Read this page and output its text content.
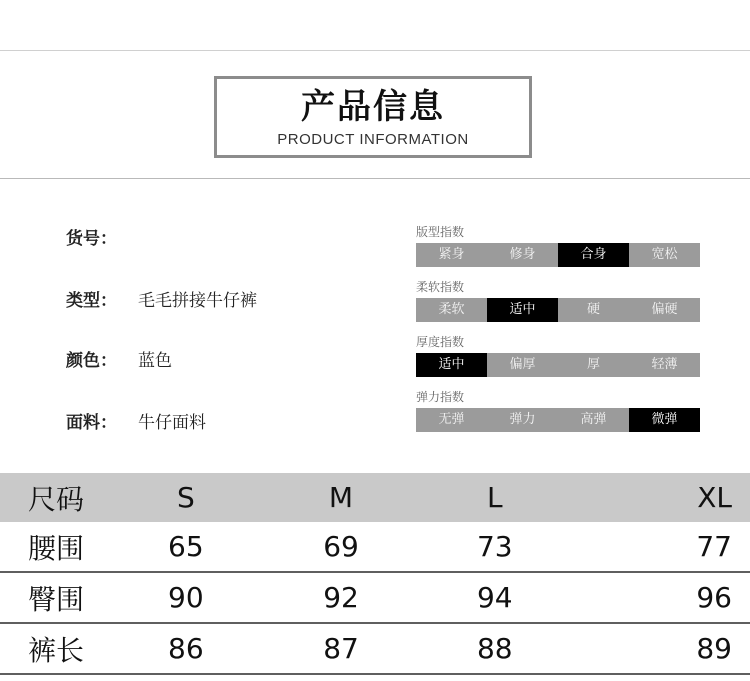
产品信息
PRODUCT INFORMATION
货号：
类型： 毛毛拼接牛仔裤
颜色： 蓝色
面料： 牛仔面料
版型指数
紧身	修身	合身	宽松
柔软指数
柔软	适中	硬	偏硬
厚度指数
适中	偏厚	厚	轻薄
弹力指数
无弹	弹力	高弹	微弹
尺码	S	M	L	XL
腰围	65	69	73	77
臀围	90	92	94	96
裤长	86	87	88	89
